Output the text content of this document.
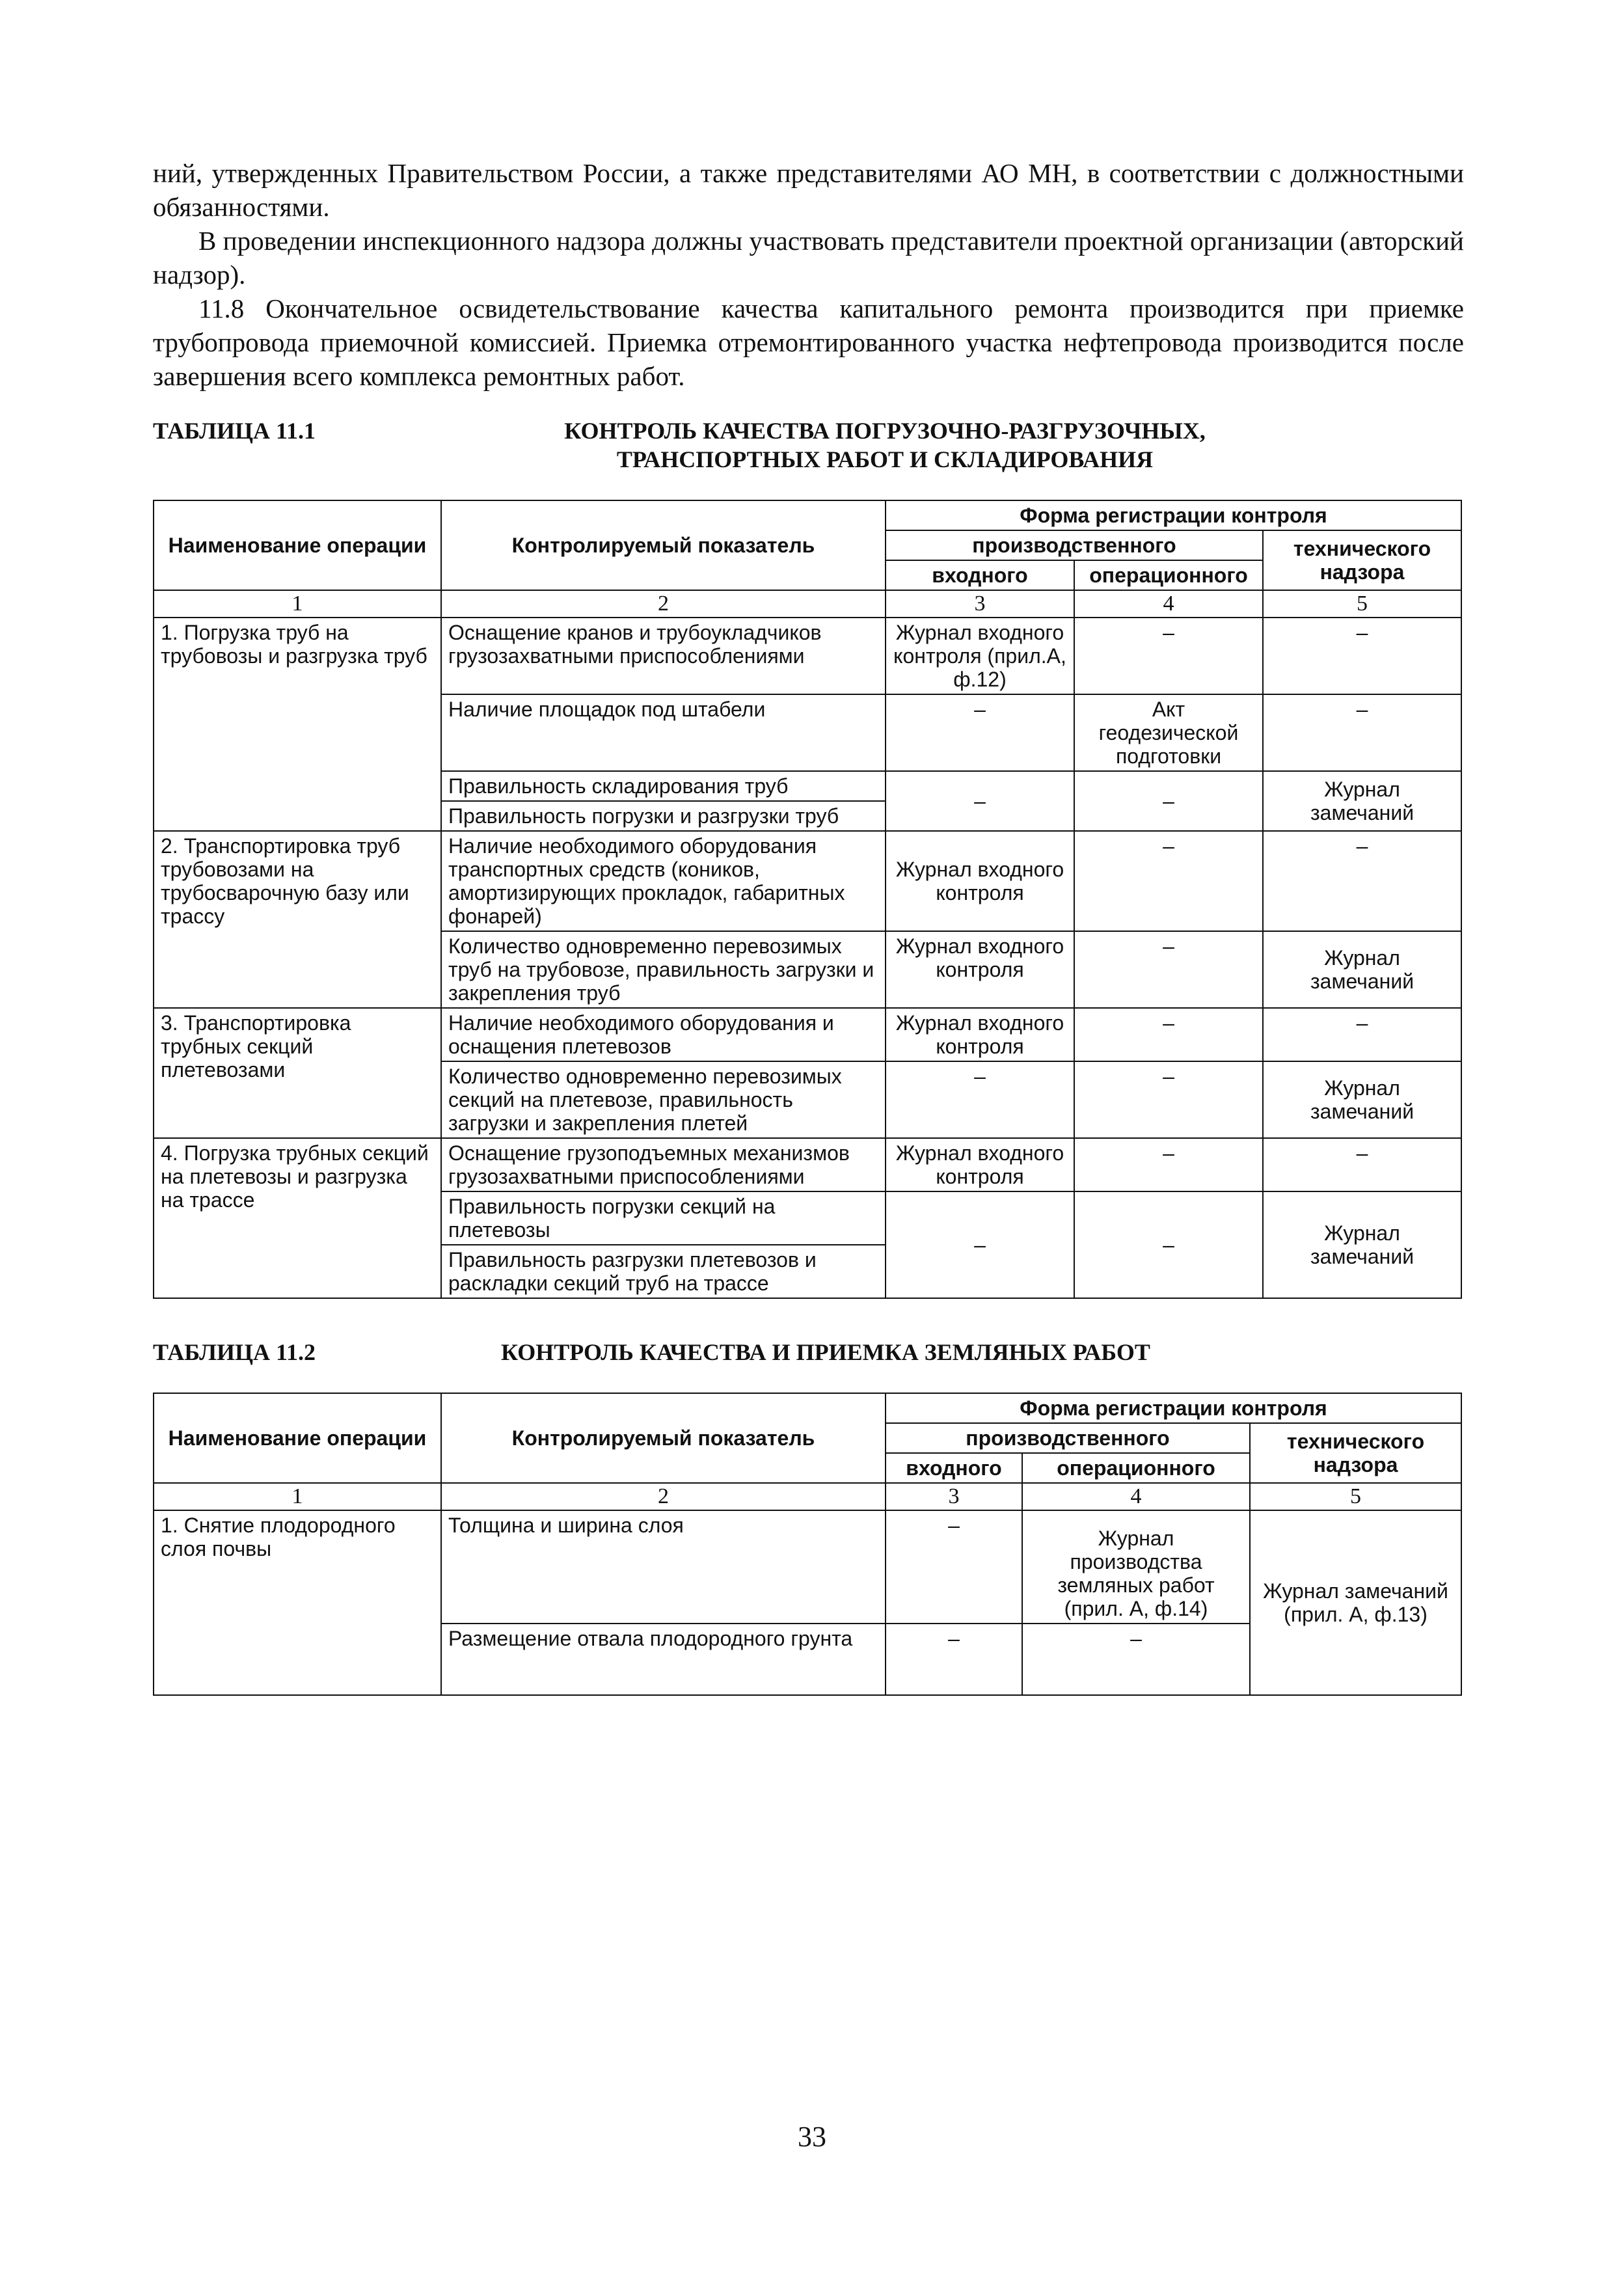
ний, утвержденных Правительством России, а также представителями АО МН, в соответствии с должностными обязанностями.

В проведении инспекционного надзора должны участвовать представители проектной организации (авторский надзор).

11.8 Окончательное освидетельствование качества капитального ремонта производится при приемке трубопровода приемочной комиссией. Приемка отремонтированного участка нефтепровода производится после завершения всего комплекса ремонтных работ.

ТАБЛИЦА 11.1	КОНТРОЛЬ КАЧЕСТВА ПОГРУЗОЧНО-РАЗГРУЗОЧНЫХ,
ТРАНСПОРТНЫХ РАБОТ И СКЛАДИРОВАНИЯ
Наименование операции	Контролируемый показатель	Форма регистрации контроля		
		производственного		технического надзора
		входного	операционного	
1	2	3	4	5
1. Погрузка труб на трубовозы и разгрузка труб	Оснащение кранов и трубоукладчиков грузозахватными приспособлениями	Журнал входного контроля (прил.А, ф.12)	–	–
	Наличие площадок под штабели	–	Акт геодезической подготовки	–
	Правильность складирования труб	–	–	Журнал замечаний
	Правильность погрузки и разгрузки труб			
2. Транспортировка труб трубовозами на трубосварочную базу или трассу	Наличие необходимого оборудования транспортных средств (коников, амортизирующих прокладок, габаритных фонарей)	Журнал входного контроля	–	–
	Количество одновременно перевозимых труб на трубовозе, правильность загрузки и закрепления труб	Журнал входного контроля	–	Журнал замечаний
3. Транспортировка трубных секций плетевозами	Наличие необходимого оборудования и оснащения плетевозов	Журнал входного контроля	–	–
	Количество одновременно перевозимых секций на плетевозе, правильность загрузки и закрепления плетей	–	–	Журнал замечаний
4. Погрузка трубных секций на плетевозы и разгрузка на трассе	Оснащение грузоподъемных механизмов грузозахватными приспособлениями	Журнал входного контроля	–	–
	Правильность погрузки секций на плетевозы	–	–	Журнал замечаний
	Правильность разгрузки плетевозов и раскладки секций труб на трассе			
ТАБЛИЦА 11.2	КОНТРОЛЬ КАЧЕСТВА И ПРИЕМКА ЗЕМЛЯНЫХ РАБОТ
Наименование операции	Контролируемый показатель	Форма регистрации контроля		
		производственного		технического надзора
		входного	операционного	
1	2	3	4	5
1. Снятие плодородного слоя почвы	Толщина и ширина слоя	–	Журнал производства земляных работ (прил. А, ф.14)	Журнал замечаний (прил. А, ф.13)
	Размещение отвала плодородного грунта	–	–	
33
